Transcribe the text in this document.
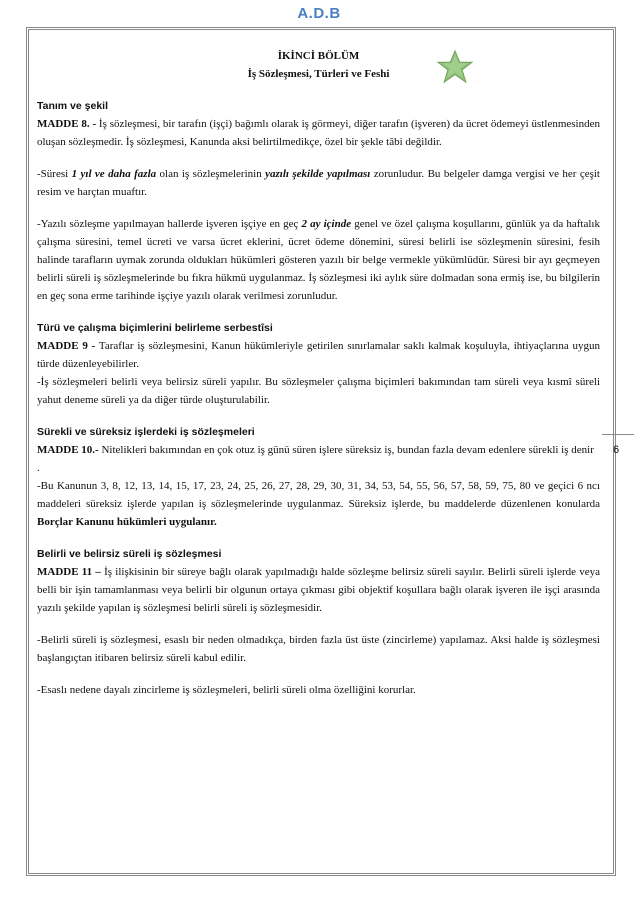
A.D.B
6
İKİNCİ BÖLÜM
İş Sözleşmesi, Türleri ve Feshi
Tanım ve şekil

MADDE 8. - İş sözleşmesi, bir tarafın (işçi) bağımlı olarak iş görmeyi, diğer tarafın (işveren) da ücret ödemeyi üstlenmesinden oluşan sözleşmedir. İş sözleşmesi, Kanunda aksi belirtilmedikçe, özel bir şekle tâbi değildir.

-Süresi 1 yıl ve daha fazla olan iş sözleşmelerinin yazılı şekilde yapılması zorunludur. Bu belgeler damga vergisi ve her çeşit resim ve harçtan muaftır.

-Yazılı sözleşme yapılmayan hallerde işveren işçiye en geç 2 ay içinde genel ve özel çalışma koşullarını, günlük ya da haftalık çalışma süresini, temel ücreti ve varsa ücret eklerini, ücret ödeme dönemini, süresi belirli ise sözleşmenin süresini, fesih halinde tarafların uymak zorunda oldukları hükümleri gösteren yazılı bir belge vermekle yükümlüdür. Süresi bir ayı geçmeyen belirli süreli iş sözleşmelerinde bu fıkra hükmü uygulanmaz. İş sözleşmesi iki aylık süre dolmadan sona ermiş ise, bu bilgilerin en geç sona erme tarihinde işçiye yazılı olarak verilmesi zorunludur.

Türü ve çalışma biçimlerini belirleme serbestîsi

MADDE 9 - Taraflar iş sözleşmesini, Kanun hükümleriyle getirilen sınırlamalar saklı kalmak koşuluyla, ihtiyaçlarına uygun türde düzenleyebilirler.

-İş sözleşmeleri belirli veya belirsiz süreli yapılır. Bu sözleşmeler çalışma biçimleri bakımından tam süreli veya kısmî süreli yahut deneme süreli ya da diğer türde oluşturulabilir.

Sürekli ve süreksiz işlerdeki iş sözleşmeleri

MADDE 10.- Nitelikleri bakımından en çok otuz iş günü süren işlere süreksiz iş, bundan fazla devam edenlere sürekli iş denir

.

-Bu Kanunun 3, 8, 12, 13, 14, 15, 17, 23, 24, 25, 26, 27, 28, 29, 30, 31, 34, 53, 54, 55, 56, 57, 58, 59, 75, 80 ve geçici 6 ncı maddeleri süreksiz işlerde yapılan iş sözleşmelerinde uygulanmaz. Süreksiz işlerde, bu maddelerde düzenlenen konularda Borçlar Kanunu hükümleri uygulanır.

Belirli ve belirsiz süreli iş sözleşmesi

MADDE 11 – İş ilişkisinin bir süreye bağlı olarak yapılmadığı halde sözleşme belirsiz süreli sayılır. Belirli süreli işlerde veya belli bir işin tamamlanması veya belirli bir olgunun ortaya çıkması gibi objektif koşullara bağlı olarak işveren ile işçi arasında yazılı şekilde yapılan iş sözleşmesi belirli süreli iş sözleşmesidir.

-Belirli süreli iş sözleşmesi, esaslı bir neden olmadıkça, birden fazla üst üste (zincirleme) yapılamaz. Aksi halde iş sözleşmesi başlangıçtan itibaren belirsiz süreli kabul edilir.

-Esaslı nedene dayalı zincirleme iş sözleşmeleri, belirli süreli olma özelliğini korurlar.
